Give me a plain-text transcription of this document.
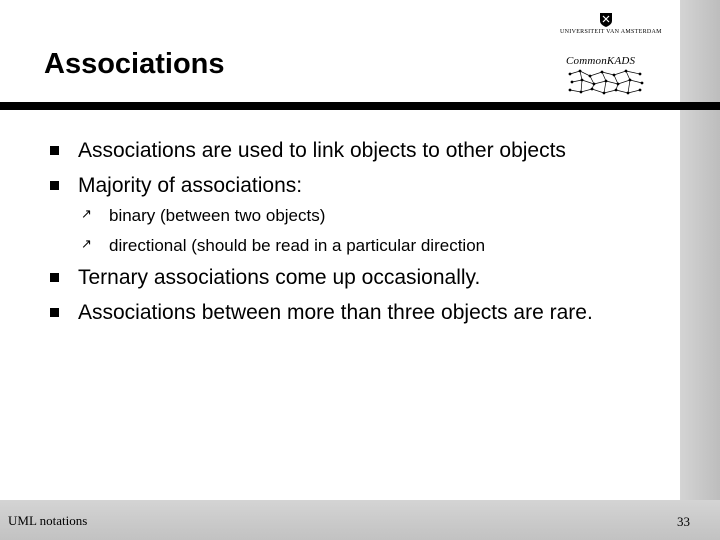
Associations
UNIVERSITEIT VAN AMSTERDAM
CommonKADS
Associations are used to link objects to other objects
Majority of associations:
↗ binary (between two objects)
↗ directional (should be read in a particular direction
Ternary associations come up occasionally.
Associations between more than three objects are rare.
UML notations	33
